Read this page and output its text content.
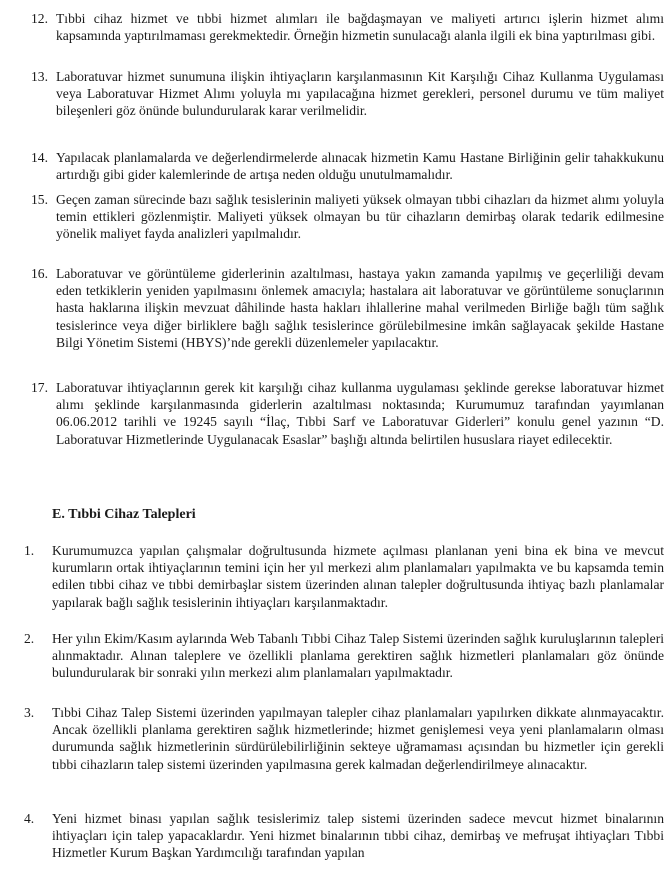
12. Tıbbi cihaz hizmet ve tıbbi hizmet alımları ile bağdaşmayan ve maliyeti artırıcı işlerin hizmet alımı kapsamında yaptırılmaması gerekmektedir. Örneğin hizmetin sunulacağı alanla ilgili ek bina yaptırılması gibi.
13. Laboratuvar hizmet sunumuna ilişkin ihtiyaçların karşılanmasının Kit Karşılığı Cihaz Kullanma Uygulaması veya Laboratuvar Hizmet Alımı yoluyla mı yapılacağına hizmet gerekleri, personel durumu ve tüm maliyet bileşenleri göz önünde bulundurularak karar verilmelidir.
14. Yapılacak planlamalarda ve değerlendirmelerde alınacak hizmetin Kamu Hastane Birliğinin gelir tahakkukunu artırdığı gibi gider kalemlerinde de artışa neden olduğu unutulmamalıdır.
15. Geçen zaman sürecinde bazı sağlık tesislerinin maliyeti yüksek olmayan tıbbi cihazları da hizmet alımı yoluyla temin ettikleri gözlenmiştir. Maliyeti yüksek olmayan bu tür cihazların demirbaş olarak tedarik edilmesine yönelik maliyet fayda analizleri yapılmalıdır.
16. Laboratuvar ve görüntüleme giderlerinin azaltılması, hastaya yakın zamanda yapılmış ve geçerliliği devam eden tetkiklerin yeniden yapılmasını önlemek amacıyla; hastalara ait laboratuvar ve görüntüleme sonuçlarının hasta haklarına ilişkin mevzuat dâhilinde hasta hakları ihlallerine mahal verilmeden Birliğe bağlı tüm sağlık tesislerince veya diğer birliklere bağlı sağlık tesislerince görülebilmesine imkân sağlayacak şekilde Hastane Bilgi Yönetim Sistemi (HBYS)’nde gerekli düzenlemeler yapılacaktır.
17. Laboratuvar ihtiyaçlarının gerek kit karşılığı cihaz kullanma uygulaması şeklinde gerekse laboratuvar hizmet alımı şeklinde karşılanmasında giderlerin azaltılması noktasında; Kurumumuz tarafından yayımlanan 06.06.2012 tarihli ve 19245 sayılı “İlaç, Tıbbi Sarf ve Laboratuvar Giderleri” konulu genel yazının “D. Laboratuvar Hizmetlerinde Uygulanacak Esaslar” başlığı altında belirtilen hususlara riayet edilecektir.
E. Tıbbi Cihaz Talepleri
1. Kurumumuzca yapılan çalışmalar doğrultusunda hizmete açılması planlanan yeni bina ek bina ve mevcut kurumların ortak ihtiyaçlarının temini için her yıl merkezi alım planlamaları yapılmakta ve bu kapsamda temin edilen tıbbi cihaz ve tıbbi demirbaşlar sistem üzerinden alınan talepler doğrultusunda ihtiyaç bazlı planlamalar yapılarak bağlı sağlık tesislerinin ihtiyaçları karşılanmaktadır.
2. Her yılın Ekim/Kasım aylarında Web Tabanlı Tıbbi Cihaz Talep Sistemi üzerinden sağlık kuruluşlarının talepleri alınmaktadır. Alınan taleplere ve özellikli planlama gerektiren sağlık hizmetleri planlamaları göz önünde bulundurularak bir sonraki yılın merkezi alım planlamaları yapılmaktadır.
3. Tıbbi Cihaz Talep Sistemi üzerinden yapılmayan talepler cihaz planlamaları yapılırken dikkate alınmayacaktır. Ancak özellikli planlama gerektiren sağlık hizmetlerinde; hizmet genişlemesi veya yeni planlamaların olması durumunda sağlık hizmetlerinin sürdürülebilirliğinin sekteye uğramaması açısından bu hizmetler için gerekli tıbbi cihazların talep sistemi üzerinden yapılmasına gerek kalmadan değerlendirilmeye alınacaktır.
4. Yeni hizmet binası yapılan sağlık tesislerimiz talep sistemi üzerinden sadece mevcut hizmet binalarının ihtiyaçları için talep yapacaklardır. Yeni hizmet binalarının tıbbi cihaz, demirbaş ve mefruşat ihtiyaçları Tıbbi Hizmetler Kurum Başkan Yardımcılığı tarafından yapılan
